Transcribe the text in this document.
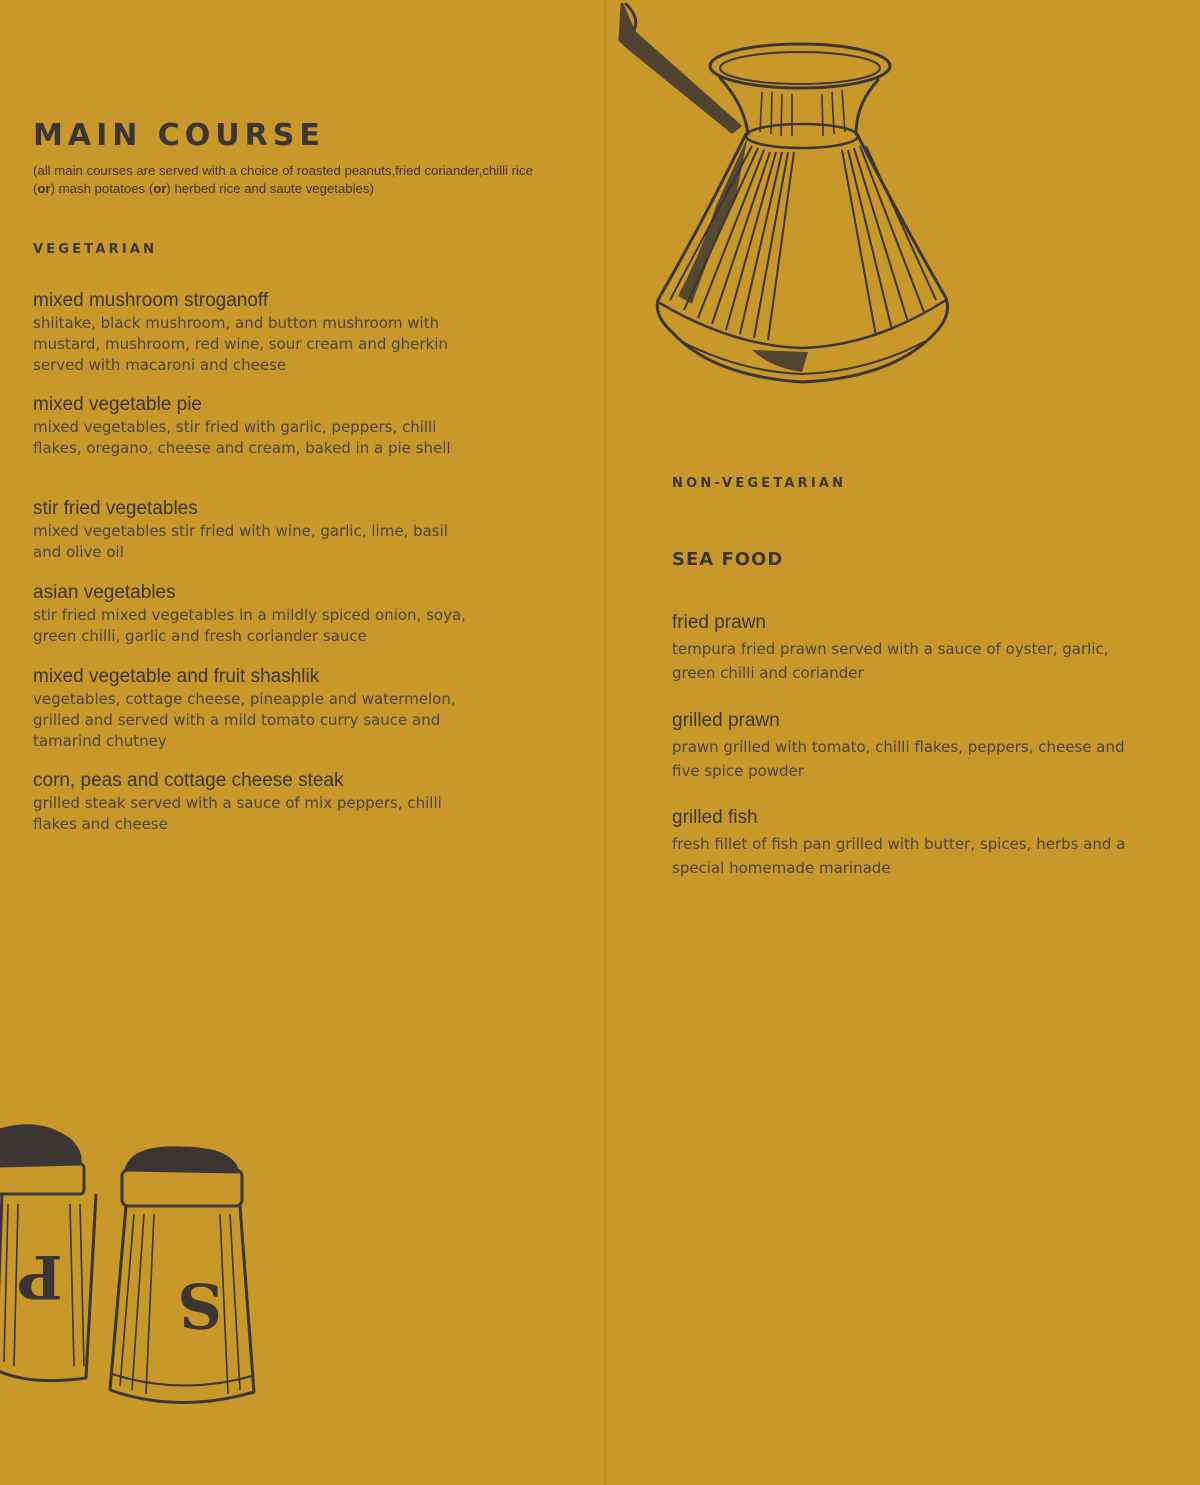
MAIN COURSE
(all main courses are served with a choice of roasted peanuts,fried coriander,chilli rice (or) mash potatoes (or) herbed rice and saute vegetables)
VEGETARIAN
mixed mushroom stroganoff
shiitake, black mushroom, and button mushroom with mustard, mushroom, red wine, sour cream and gherkin served with macaroni and cheese
mixed vegetable pie
mixed vegetables, stir fried with garlic, peppers, chilli flakes, oregano, cheese and cream, baked in a pie shell
stir fried vegetables
mixed vegetables stir fried with wine, garlic, lime, basil and olive oil
asian vegetables
stir fried mixed vegetables in a mildly spiced onion, soya, green chilli, garlic and fresh coriander sauce
mixed vegetable and fruit shashlik
vegetables, cottage cheese, pineapple and watermelon, grilled and served with a mild tomato curry sauce and tamarind chutney
corn, peas and cottage cheese steak
grilled steak served with a sauce of mix peppers, chilli flakes and cheese
NON-VEGETARIAN
SEA FOOD
fried prawn
tempura fried prawn served with a sauce of oyster, garlic, green chilli and coriander
grilled prawn
prawn grilled with tomato, chilli flakes, peppers, cheese and five spice powder
grilled fish
fresh fillet of fish pan grilled with butter, spices, herbs and a special homemade marinade
P S
